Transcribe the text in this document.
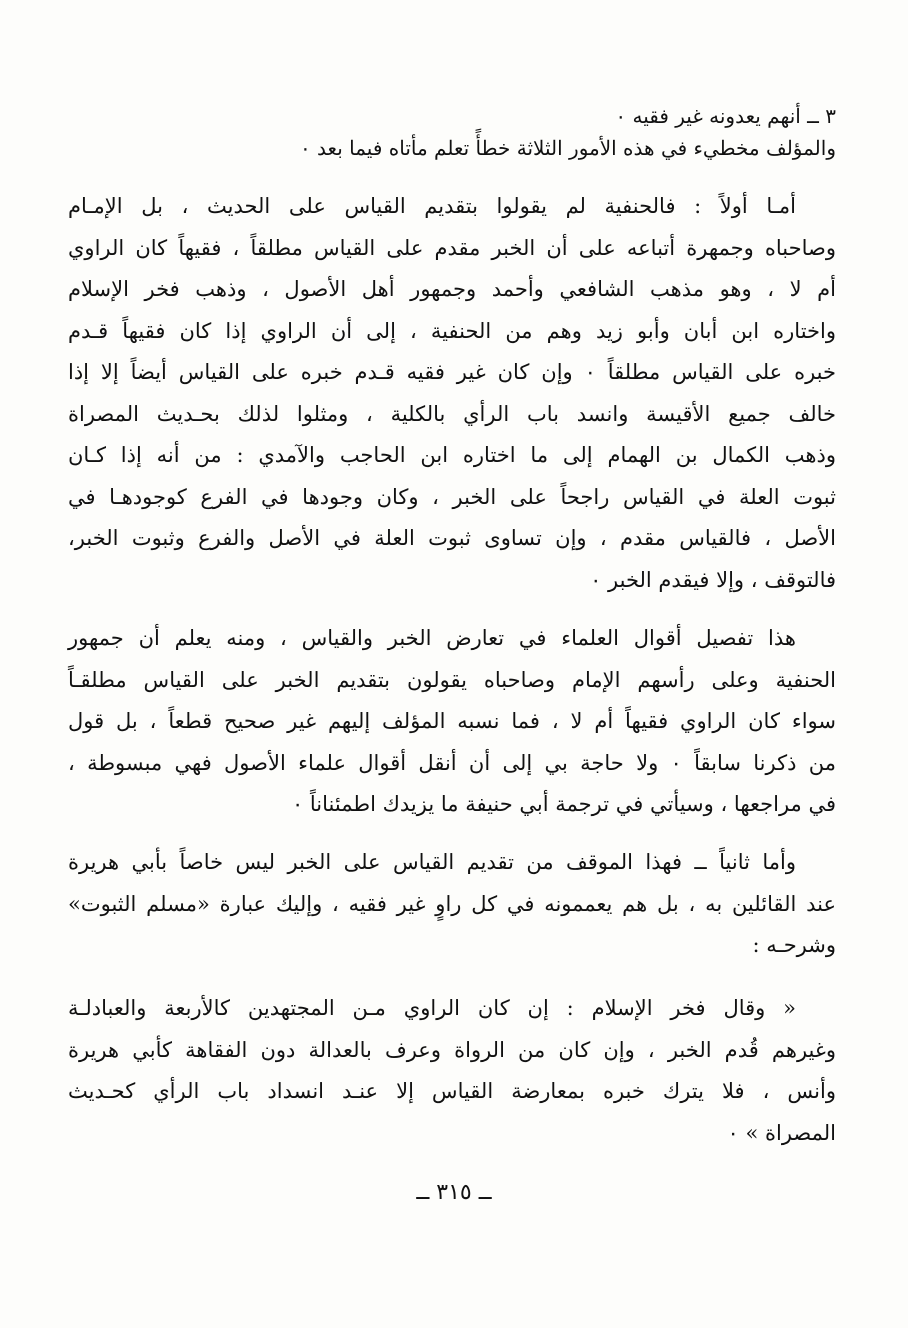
٣ ــ أنهم يعدونه غير فقيه ٠
والمؤلف مخطيء في هذه الأمور الثلاثة خطأً تعلم مأتاه فيما بعد ٠
أمـا أولاً : فالحنفية لم يقولوا بتقديم القياس على الحديث ، بل الإمـام
وصاحباه وجمهرة أتباعه على أن الخبر مقدم على القياس مطلقاً ، فقيهاً كان الراوي
أم لا ، وهو مذهب الشافعي وأحمد وجمهور أهل الأصول ، وذهب فخر الإسلام
واختاره ابن أبان وأبو زيد وهم من الحنفية ، إلى أن الراوي إذا كان فقيهاً قـدم
خبره على القياس مطلقاً ٠ وإن كان غير فقيه قـدم خبره على القياس أيضاً إلا إذا
خالف جميع الأقيسة وانسد باب الرأي بالكلية ، ومثلوا لذلك بحـديث المصراة
وذهب الكمال بن الهمام إلى ما اختاره ابن الحاجب والآمدي : من أنه إذا كـان
ثبوت العلة في القياس راجحاً على الخبر ، وكان وجودها في الفرع كوجودهـا في
الأصل ، فالقياس مقدم ، وإن تساوى ثبوت العلة في الأصل والفرع وثبوت الخبر،
فالتوقف ، وإلا فيقدم الخبر ٠
هذا تفصيل أقوال العلماء في تعارض الخبر والقياس ، ومنه يعلم أن جمهور
الحنفية وعلى رأسهم الإمام وصاحباه يقولون بتقديم الخبر على القياس مطلقـاً
سواء كان الراوي فقيهاً أم لا ، فما نسبه المؤلف إليهم غير صحيح قطعاً ، بل قول
من ذكرنا سابقاً ٠ ولا حاجة بي إلى أن أنقل أقوال علماء الأصول فهي مبسوطة ،
في مراجعها ، وسيأتي في ترجمة أبي حنيفة ما يزيدك اطمئناناً ٠
وأما ثانياً ــ فهذا الموقف من تقديم القياس على الخبر ليس خاصاً بأبي هريرة
عند القائلين به ، بل هم يعممونه في كل راوٍ غير فقيه ، وإليك عبارة «مسلم الثبوت»
وشرحـه :
« وقال فخر الإسلام : إن كان الراوي مـن المجتهدين كالأربعة والعبادلـة
وغيرهم قُدم الخبر ، وإن كان من الرواة وعرف بالعدالة دون الفقاهة كأبي هريرة
وأنس ، فلا يترك خبره بمعارضة القياس إلا عنـد انسداد باب الرأي كحـديث
المصراة » ٠
ــ ٣١٥ ــ
